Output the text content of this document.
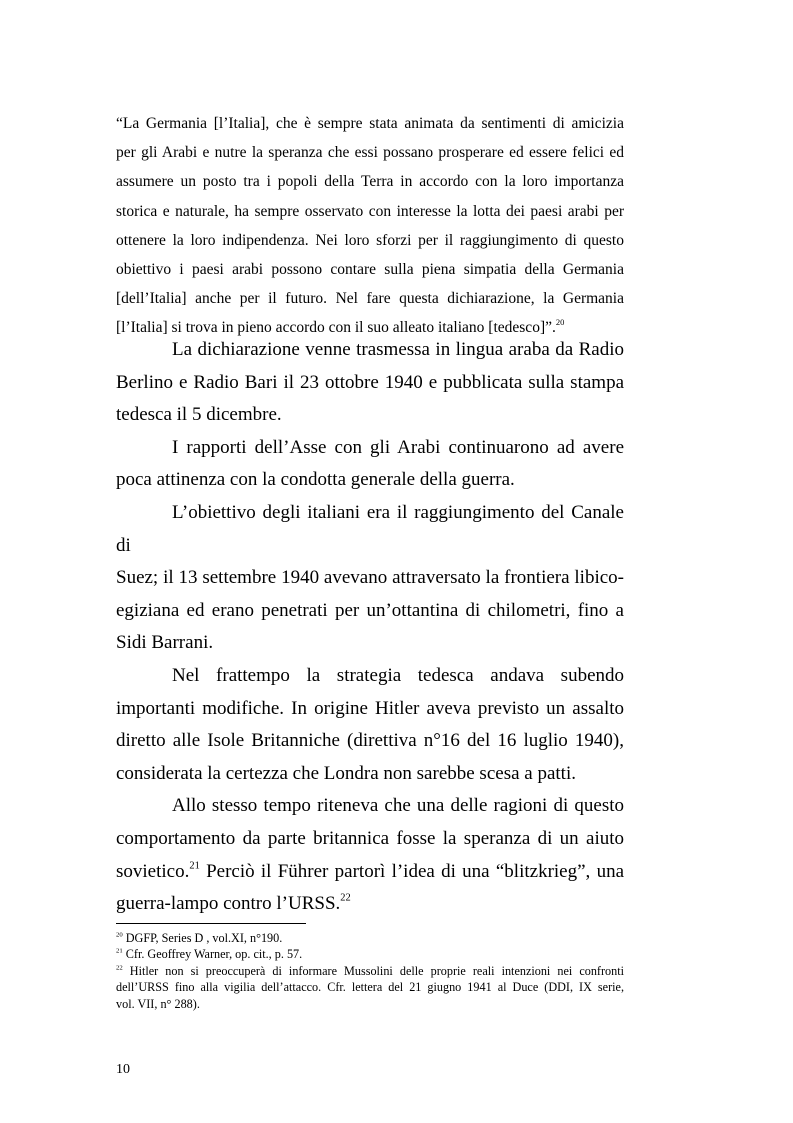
“La Germania [l’Italia], che è sempre stata animata da sentimenti di amicizia
per gli Arabi e nutre la speranza che essi possano prosperare ed essere felici ed
assumere un posto tra i popoli della Terra in accordo con la loro importanza
storica e naturale, ha sempre osservato con interesse la lotta dei paesi arabi per
ottenere la loro indipendenza. Nei loro sforzi per il raggiungimento di questo
obiettivo i paesi arabi possono contare sulla piena simpatia della Germania
[dell’Italia] anche per il futuro. Nel fare questa dichiarazione, la Germania
[l’Italia] si trova in pieno accordo con il suo alleato italiano [tedesco]”.$^{20}$

La dichiarazione venne trasmessa in lingua araba da Radio
Berlino e Radio Bari il 23 ottobre 1940 e pubblicata sulla stampa
tedesca il 5 dicembre.

I rapporti dell’Asse con gli Arabi continuarono ad avere
poca attinenza con la condotta generale della guerra.

L’obiettivo degli italiani era il raggiungimento del Canale di
Suez; il 13 settembre 1940 avevano attraversato la frontiera libico-
egiziana ed erano penetrati per un’ottantina di chilometri, fino a
Sidi Barrani.

Nel frattempo la strategia tedesca andava subendo
importanti modifiche. In origine Hitler aveva previsto un assalto
diretto alle Isole Britanniche (direttiva n°16 del 16 luglio 1940),
considerata la certezza che Londra non sarebbe scesa a patti.

Allo stesso tempo riteneva che una delle ragioni di questo
comportamento da parte britannica fosse la speranza di un aiuto
sovietico.$^{21}$ Perciò il Führer partorì l’idea di una “blitzkrieg”, una
guerra-lampo contro l’URSS.$^{22}$

$^{20}$ DGFP, Series D , vol.XI, n°190.
$^{21}$ Cfr. Geoffrey Warner, op. cit., p. 57.
$^{22}$ Hitler non si preoccuperà di informare Mussolini delle proprie reali intenzioni nei confronti
dell’URSS fino alla vigilia dell’attacco. Cfr. lettera del 21 giugno 1941 al Duce (DDI, IX serie,
vol. VII, n° 288).
10
